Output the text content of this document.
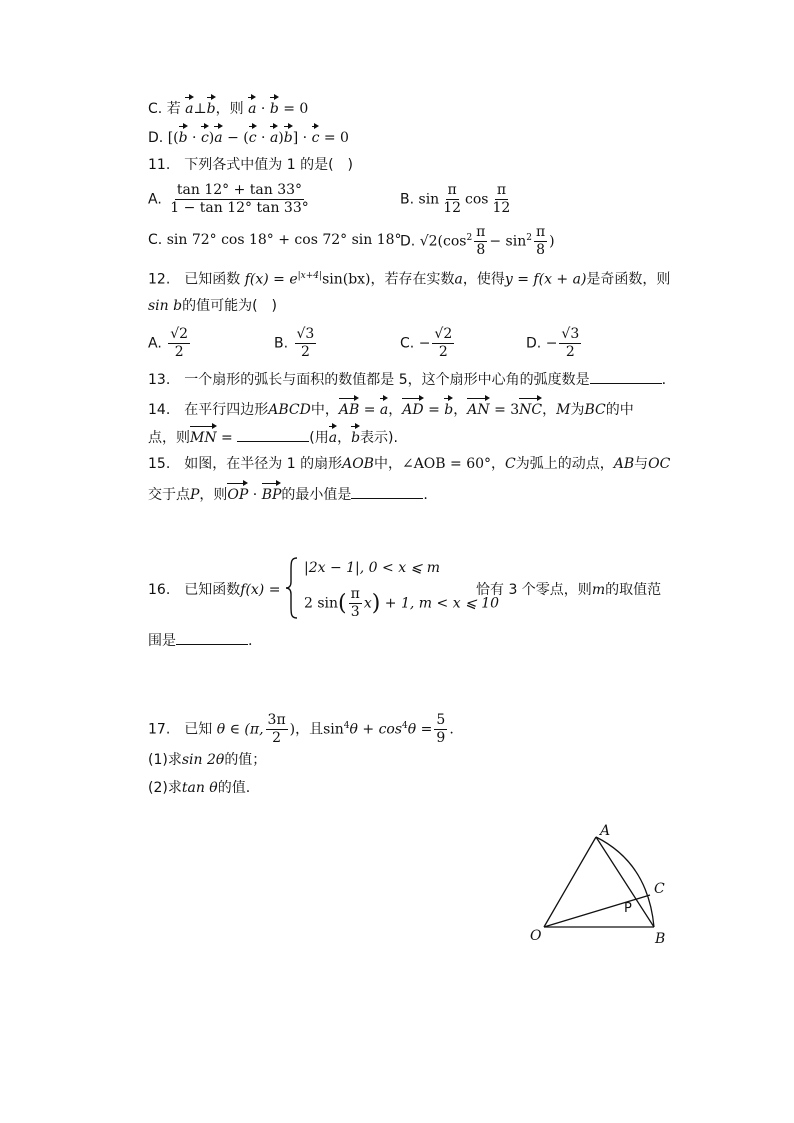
C. 若 a⊥b，则 a · b = 0
D. [(b · c)a − (c · a)b] · c = 0
11.　下列各式中值为 1 的是(　)
A. $\frac{\tan 12^\circ + \tan 33^\circ}{1 - \tan 12^\circ \tan 33^\circ}$	B. $\sin \frac{\pi}{12}$ $\cos \frac{\pi}{12}$
C. sin 72° cos 18° + cos 72° sin 18°
D. $√2(\cos^2 \frac{\pi}{8} - \sin^2 \frac{\pi}{8}$ )
12.　已知函数 $f(x) = e^{|x+4|}\sin(bx)$，若存在实数a，使得y = f(x + a)是奇函数，则
sin b的值可能为(　)
A. $\frac{√2}{2}$	B. $\frac{√3}{2}$	C. − $\frac{√2}{2}$	D. − $\frac{√3}{2}$
13.　一个扇形的弧长与面积的数值都是 5，这个扇形中心角的弧度数是	.
14.　在平行四边形ABCD中，AB = a，AD = b，AN = 3NC，M为BC的中
点，则MN =	(用a，b表示).
15.　如图，在半径为 1 的扇形AOB中，∠AOB = 60°，C为弧上的动点，AB与OC
交于点P，则OP · BP的最小值是	.
16.　已知函数f(x) =
|2x − 1|, 0 < x ⩽ m
2 $\sin( \frac{\pi}{3} x) + 1$, m < x ⩽ 10
恰有 3 个零点，则m的取值范
围是	.
17.　已知 θ ∈ (π, $\frac{3\pi}{2}$ )，且$\sin^4\theta + \cos^4\theta = \frac{5}{9}$ .
(1)求sin 2θ的值；
(2)求tan θ的值.
A
C
P
O	B
